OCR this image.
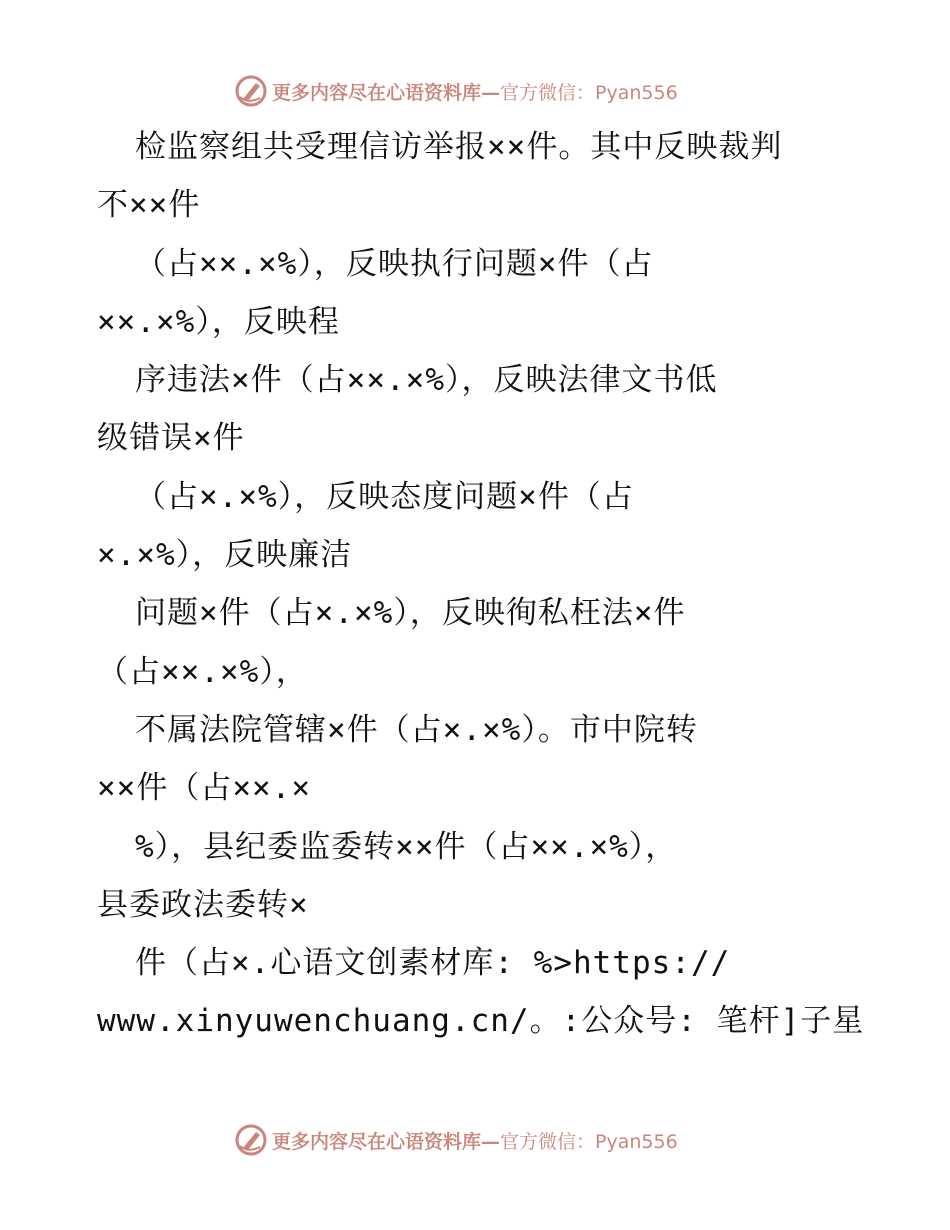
更多内容尽在心语资料库— 官方微信：Pyan556
检监察组共受理信访举报××件。其中反映裁判
不××件
（占××.×%），反映执行问题×件（占
××.×%），反映程
序违法×件（占××.×%），反映法律文书低
级错误×件
（占×.×%），反映态度问题×件（占
×.×%），反映廉洁
问题×件（占×.×%），反映徇私枉法×件
（占××.×%），
不属法院管辖×件（占×.×%）。市中院转
××件（占××.×
%），县纪委监委转××件（占××.×%），
县委政法委转×
件（占×.心语文创素材库: %>https://
www.xinyuwenchuang.cn/。:公众号: 笔杆]子星
更多内容尽在心语资料库— 官方微信：Pyan556
